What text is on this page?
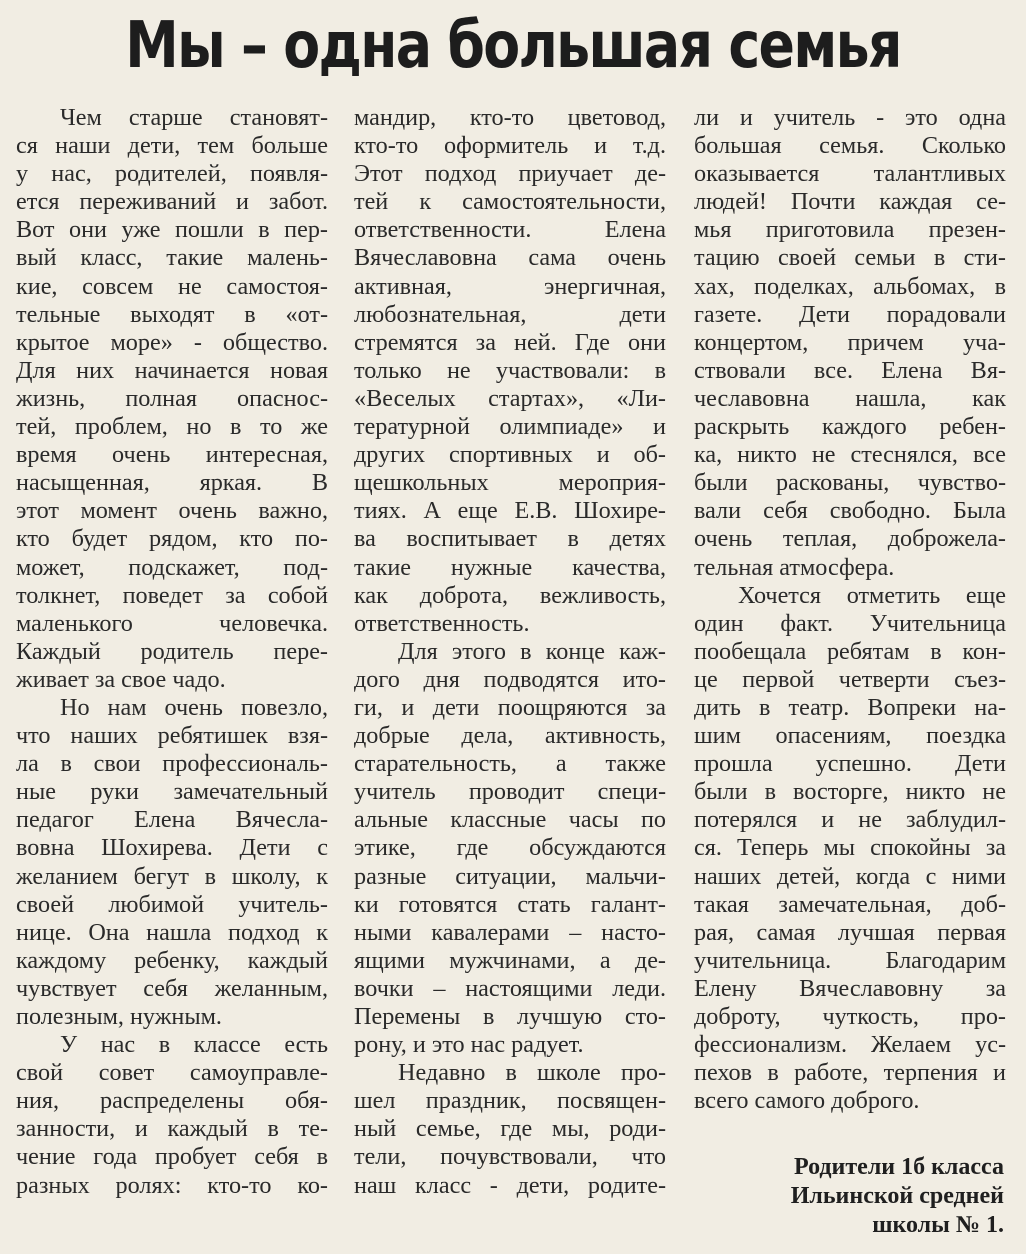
Мы – одна большая семья
Чем старше становят-
ся наши дети, тем больше
у нас, родителей, появля-
ется переживаний и забот.
Вот они уже пошли в пер-
вый класс, такие малень-
кие, совсем не самостоя-
тельные выходят в «от-
крытое море» - общество.
Для них начинается новая
жизнь, полная опаснос-
тей, проблем, но в то же
время очень интересная,
насыщенная, яркая. В
этот момент очень важно,
кто будет рядом, кто по-
может, подскажет, под-
толкнет, поведет за собой
маленького человечка.
Каждый родитель пере-
живает за свое чадо.
Но нам очень повезло,
что наших ребятишек взя-
ла в свои профессиональ-
ные руки замечательный
педагог Елена Вячесла-
вовна Шохирева. Дети с
желанием бегут в школу, к
своей любимой учитель-
нице. Она нашла подход к
каждому ребенку, каждый
чувствует себя желанным,
полезным, нужным.
У нас в классе есть
свой совет самоуправле-
ния, распределены обя-
занности, и каждый в те-
чение года пробует себя в
разных ролях: кто-то ко-
мандир, кто-то цветовод,
кто-то оформитель и т.д.
Этот подход приучает де-
тей к самостоятельности,
ответственности. Елена
Вячеславовна сама очень
активная, энергичная,
любознательная, дети
стремятся за ней. Где они
только не участвовали: в
«Веселых стартах», «Ли-
тературной олимпиаде» и
других спортивных и об-
щешкольных мероприя-
тиях. А еще Е.В. Шохире-
ва воспитывает в детях
такие нужные качества,
как доброта, вежливость,
ответственность.
Для этого в конце каж-
дого дня подводятся ито-
ги, и дети поощряются за
добрые дела, активность,
старательность, а также
учитель проводит специ-
альные классные часы по
этике, где обсуждаются
разные ситуации, мальчи-
ки готовятся стать галант-
ными кавалерами – насто-
ящими мужчинами, а де-
вочки – настоящими леди.
Перемены в лучшую сто-
рону, и это нас радует.
Недавно в школе про-
шел праздник, посвящен-
ный семье, где мы, роди-
тели, почувствовали, что
наш класс - дети, родите-
ли и учитель - это одна
большая семья. Сколько
оказывается талантливых
людей! Почти каждая се-
мья приготовила презен-
тацию своей семьи в сти-
хах, поделках, альбомах, в
газете. Дети порадовали
концертом, причем уча-
ствовали все. Елена Вя-
чеславовна нашла, как
раскрыть каждого ребен-
ка, никто не стеснялся, все
были раскованы, чувство-
вали себя свободно. Была
очень теплая, доброжела-
тельная атмосфера.
Хочется отметить еще
один факт. Учительница
пообещала ребятам в кон-
це первой четверти съез-
дить в театр. Вопреки на-
шим опасениям, поездка
прошла успешно. Дети
были в восторге, никто не
потерялся и не заблудил-
ся. Теперь мы спокойны за
наших детей, когда с ними
такая замечательная, доб-
рая, самая лучшая первая
учительница. Благодарим
Елену Вячеславовну за
доброту, чуткость, про-
фессионализм. Желаем ус-
пехов в работе, терпения и
всего самого доброго.
Родители 1б класса
Ильинской средней
школы № 1.
